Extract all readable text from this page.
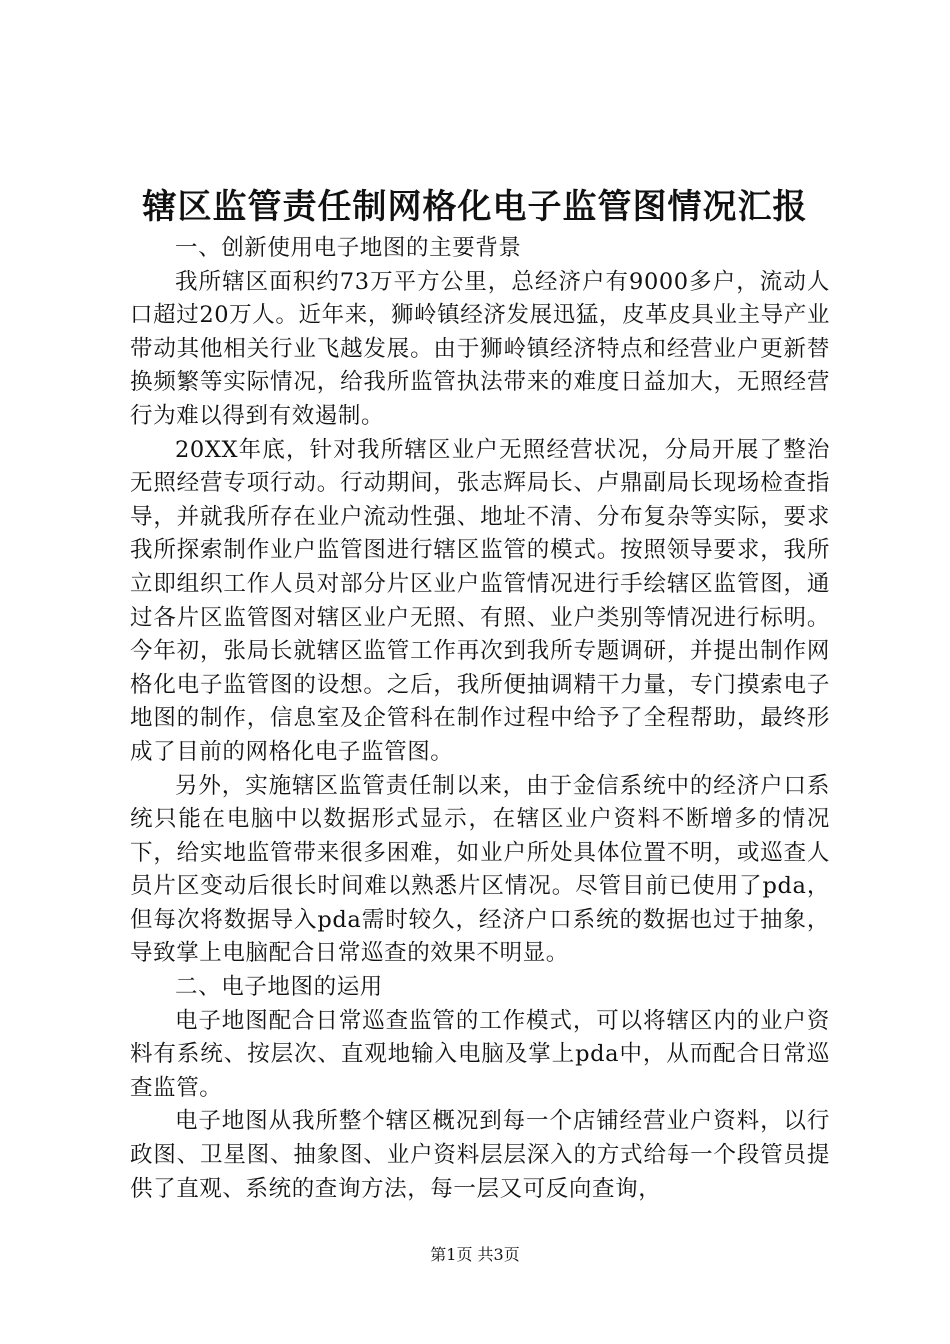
辖区监管责任制网格化电子监管图情况汇报

一、创新使用电子地图的主要背景

我所辖区面积约73万平方公里，总经济户有9000多户，流动人口超过20万人。近年来，狮岭镇经济发展迅猛，皮革皮具业主导产业带动其他相关行业飞越发展。由于狮岭镇经济特点和经营业户更新替换频繁等实际情况，给我所监管执法带来的难度日益加大，无照经营行为难以得到有效遏制。

20XX年底，针对我所辖区业户无照经营状况，分局开展了整治无照经营专项行动。行动期间，张志辉局长、卢鼎副局长现场检查指导，并就我所存在业户流动性强、地址不清、分布复杂等实际，要求我所探索制作业户监管图进行辖区监管的模式。按照领导要求，我所立即组织工作人员对部分片区业户监管情况进行手绘辖区监管图，通过各片区监管图对辖区业户无照、有照、业户类别等情况进行标明。今年初，张局长就辖区监管工作再次到我所专题调研，并提出制作网格化电子监管图的设想。之后，我所便抽调精干力量，专门摸索电子地图的制作，信息室及企管科在制作过程中给予了全程帮助，最终形成了目前的网格化电子监管图。

另外，实施辖区监管责任制以来，由于金信系统中的经济户口系统只能在电脑中以数据形式显示，在辖区业户资料不断增多的情况下，给实地监管带来很多困难，如业户所处具体位置不明，或巡查人员片区变动后很长时间难以熟悉片区情况。尽管目前已使用了pda，但每次将数据导入pda需时较久，经济户口系统的数据也过于抽象，导致掌上电脑配合日常巡查的效果不明显。

二、电子地图的运用

电子地图配合日常巡查监管的工作模式，可以将辖区内的业户资料有系统、按层次、直观地输入电脑及掌上pda中，从而配合日常巡查监管。

电子地图从我所整个辖区概况到每一个店铺经营业户资料，以行政图、卫星图、抽象图、业户资料层层深入的方式给每一个段管员提供了直观、系统的查询方法，每一层又可反向查询，

第1页 共3页
